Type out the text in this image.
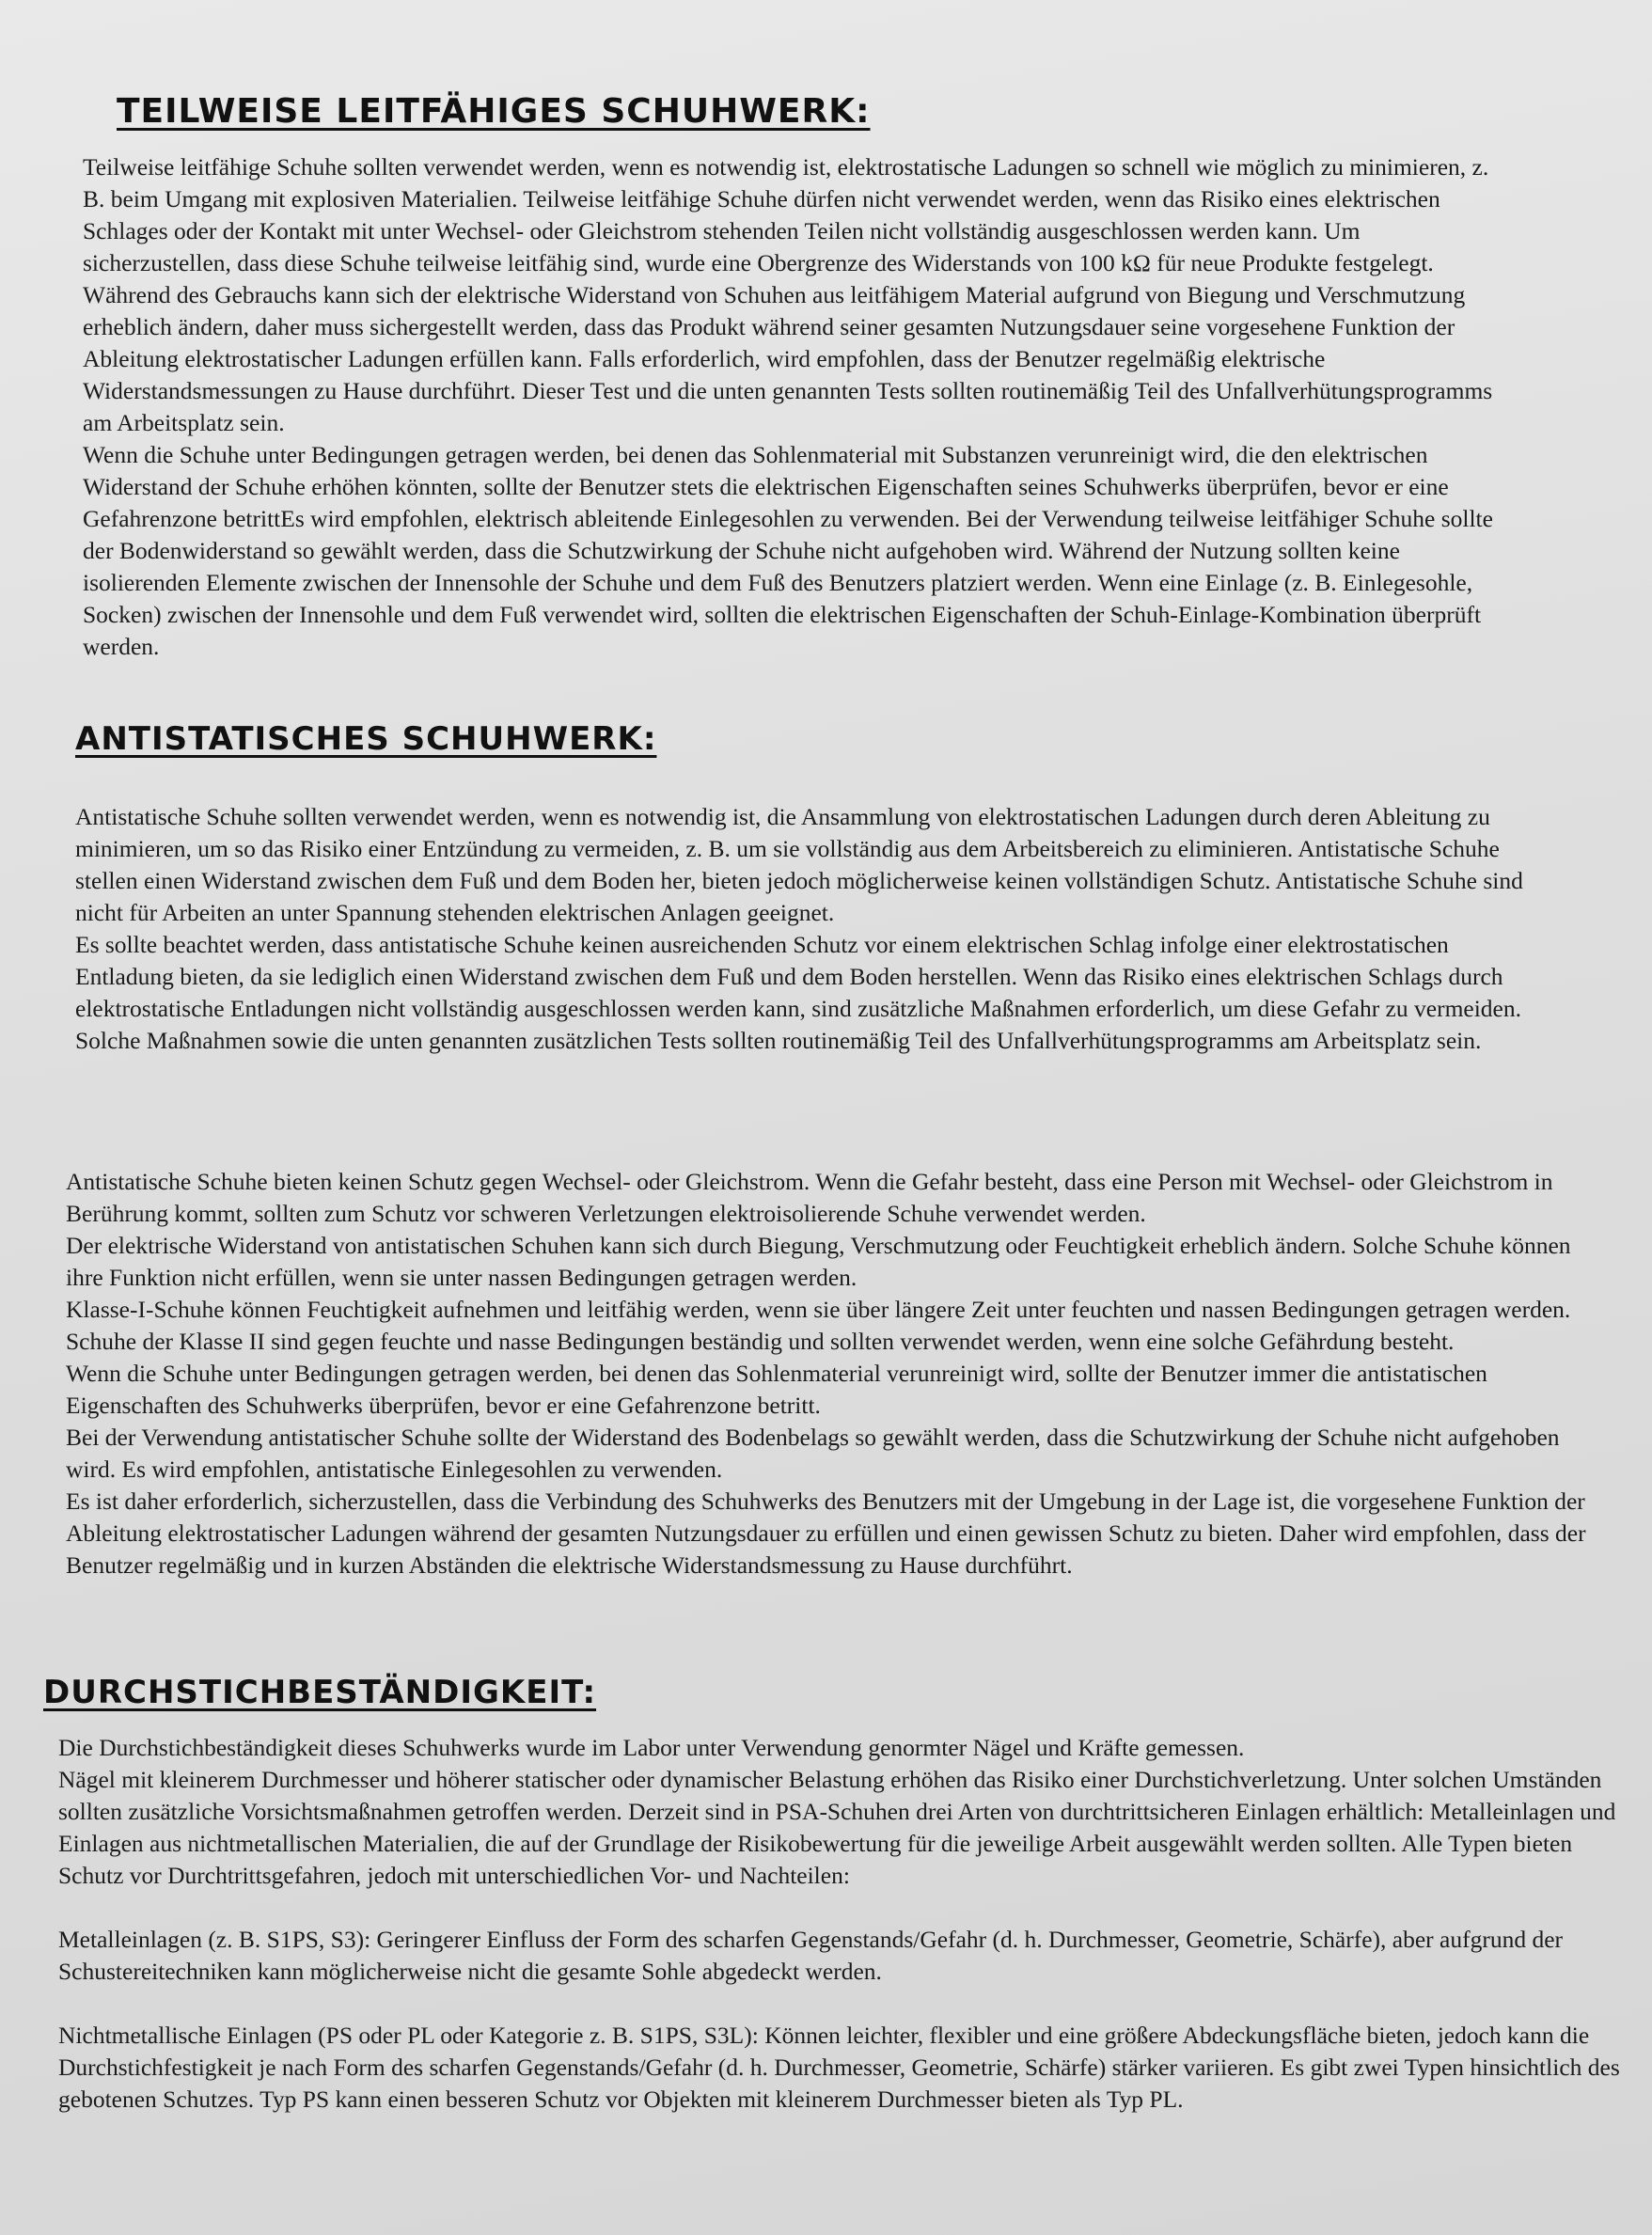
TEILWEISE LEITFÄHIGES SCHUHWERK:

Teilweise leitfähige Schuhe sollten verwendet werden, wenn es notwendig ist, elektrostatische Ladungen so schnell wie möglich zu minimieren, z. B. beim Umgang mit explosiven Materialien. Teilweise leitfähige Schuhe dürfen nicht verwendet werden, wenn das Risiko eines elektrischen Schlages oder der Kontakt mit unter Wechsel- oder Gleichstrom stehenden Teilen nicht vollständig ausgeschlossen werden kann. Um sicherzustellen, dass diese Schuhe teilweise leitfähig sind, wurde eine Obergrenze des Widerstands von 100 kΩ für neue Produkte festgelegt.

Während des Gebrauchs kann sich der elektrische Widerstand von Schuhen aus leitfähigem Material aufgrund von Biegung und Verschmutzung erheblich ändern, daher muss sichergestellt werden, dass das Produkt während seiner gesamten Nutzungsdauer seine vorgesehene Funktion der Ableitung elektrostatischer Ladungen erfüllen kann. Falls erforderlich, wird empfohlen, dass der Benutzer regelmäßig elektrische Widerstandsmessungen zu Hause durchführt. Dieser Test und die unten genannten Tests sollten routinemäßig Teil des Unfallverhütungsprogramms am Arbeitsplatz sein.

Wenn die Schuhe unter Bedingungen getragen werden, bei denen das Sohlenmaterial mit Substanzen verunreinigt wird, die den elektrischen Widerstand der Schuhe erhöhen könnten, sollte der Benutzer stets die elektrischen Eigenschaften seines Schuhwerks überprüfen, bevor er eine Gefahrenzone betrittEs wird empfohlen, elektrisch ableitende Einlegesohlen zu verwenden. Bei der Verwendung teilweise leitfähiger Schuhe sollte der Bodenwiderstand so gewählt werden, dass die Schutzwirkung der Schuhe nicht aufgehoben wird. Während der Nutzung sollten keine isolierenden Elemente zwischen der Innensohle der Schuhe und dem Fuß des Benutzers platziert werden. Wenn eine Einlage (z. B. Einlegesohle, Socken) zwischen der Innensohle und dem Fuß verwendet wird, sollten die elektrischen Eigenschaften der Schuh-Einlage-Kombination überprüft werden.

ANTISTATISCHES SCHUHWERK:

Antistatische Schuhe sollten verwendet werden, wenn es notwendig ist, die Ansammlung von elektrostatischen Ladungen durch deren Ableitung zu minimieren, um so das Risiko einer Entzündung zu vermeiden, z. B. um sie vollständig aus dem Arbeitsbereich zu eliminieren. Antistatische Schuhe stellen einen Widerstand zwischen dem Fuß und dem Boden her, bieten jedoch möglicherweise keinen vollständigen Schutz. Antistatische Schuhe sind nicht für Arbeiten an unter Spannung stehenden elektrischen Anlagen geeignet.

Es sollte beachtet werden, dass antistatische Schuhe keinen ausreichenden Schutz vor einem elektrischen Schlag infolge einer elektrostatischen Entladung bieten, da sie lediglich einen Widerstand zwischen dem Fuß und dem Boden herstellen. Wenn das Risiko eines elektrischen Schlags durch elektrostatische Entladungen nicht vollständig ausgeschlossen werden kann, sind zusätzliche Maßnahmen erforderlich, um diese Gefahr zu vermeiden. Solche Maßnahmen sowie die unten genannten zusätzlichen Tests sollten routinemäßig Teil des Unfallverhütungsprogramms am Arbeitsplatz sein.

Antistatische Schuhe bieten keinen Schutz gegen Wechsel- oder Gleichstrom. Wenn die Gefahr besteht, dass eine Person mit Wechsel- oder Gleichstrom in Berührung kommt, sollten zum Schutz vor schweren Verletzungen elektroisolierende Schuhe verwendet werden.

Der elektrische Widerstand von antistatischen Schuhen kann sich durch Biegung, Verschmutzung oder Feuchtigkeit erheblich ändern. Solche Schuhe können ihre Funktion nicht erfüllen, wenn sie unter nassen Bedingungen getragen werden.

Klasse-I-Schuhe können Feuchtigkeit aufnehmen und leitfähig werden, wenn sie über längere Zeit unter feuchten und nassen Bedingungen getragen werden. Schuhe der Klasse II sind gegen feuchte und nasse Bedingungen beständig und sollten verwendet werden, wenn eine solche Gefährdung besteht.

Wenn die Schuhe unter Bedingungen getragen werden, bei denen das Sohlenmaterial verunreinigt wird, sollte der Benutzer immer die antistatischen Eigenschaften des Schuhwerks überprüfen, bevor er eine Gefahrenzone betritt.

Bei der Verwendung antistatischer Schuhe sollte der Widerstand des Bodenbelags so gewählt werden, dass die Schutzwirkung der Schuhe nicht aufgehoben wird. Es wird empfohlen, antistatische Einlegesohlen zu verwenden.

Es ist daher erforderlich, sicherzustellen, dass die Verbindung des Schuhwerks des Benutzers mit der Umgebung in der Lage ist, die vorgesehene Funktion der Ableitung elektrostatischer Ladungen während der gesamten Nutzungsdauer zu erfüllen und einen gewissen Schutz zu bieten. Daher wird empfohlen, dass der Benutzer regelmäßig und in kurzen Abständen die elektrische Widerstandsmessung zu Hause durchführt.

DURCHSTICHBESTÄNDIGKEIT:

Die Durchstichbeständigkeit dieses Schuhwerks wurde im Labor unter Verwendung genormter Nägel und Kräfte gemessen.

Nägel mit kleinerem Durchmesser und höherer statischer oder dynamischer Belastung erhöhen das Risiko einer Durchstichverletzung. Unter solchen Umständen sollten zusätzliche Vorsichtsmaßnahmen getroffen werden. Derzeit sind in PSA-Schuhen drei Arten von durchtrittsicheren Einlagen erhältlich: Metalleinlagen und Einlagen aus nichtmetallischen Materialien, die auf der Grundlage der Risikobewertung für die jeweilige Arbeit ausgewählt werden sollten. Alle Typen bieten Schutz vor Durchtrittsgefahren, jedoch mit unterschiedlichen Vor- und Nachteilen:

Metalleinlagen (z. B. S1PS, S3): Geringerer Einfluss der Form des scharfen Gegenstands/Gefahr (d. h. Durchmesser, Geometrie, Schärfe), aber aufgrund der Schustereitechniken kann möglicherweise nicht die gesamte Sohle abgedeckt werden.

Nichtmetallische Einlagen (PS oder PL oder Kategorie z. B. S1PS, S3L): Können leichter, flexibler und eine größere Abdeckungsfläche bieten, jedoch kann die Durchstichfestigkeit je nach Form des scharfen Gegenstands/Gefahr (d. h. Durchmesser, Geometrie, Schärfe) stärker variieren. Es gibt zwei Typen hinsichtlich des gebotenen Schutzes. Typ PS kann einen besseren Schutz vor Objekten mit kleinerem Durchmesser bieten als Typ PL.
